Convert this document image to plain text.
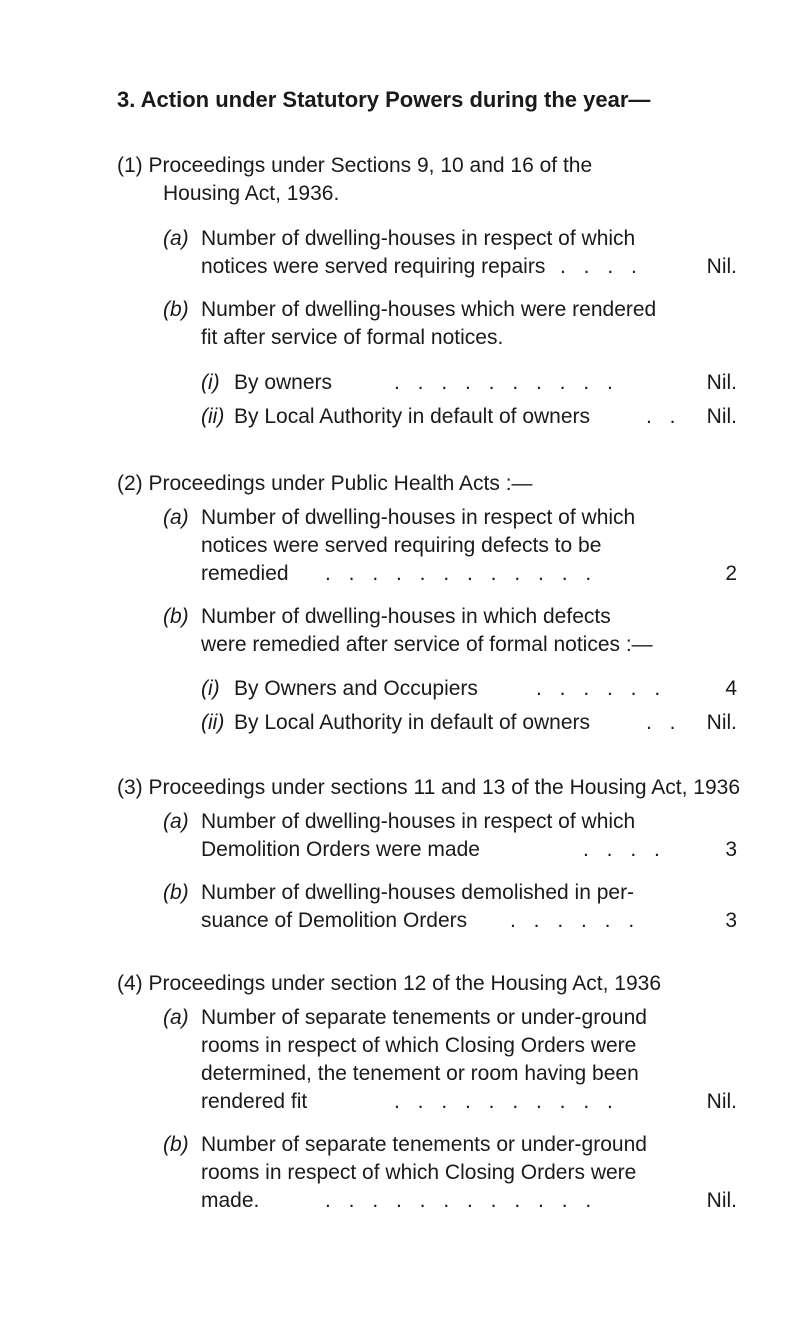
3. Action under Statutory Powers during the year—
(1) Proceedings under Sections 9, 10 and 16 of the
Housing Act, 1936.
(a) Number of dwelling-houses in respect of which
notices were served requiring repairs . . . .	Nil.
(b) Number of dwelling-houses which were rendered
fit after service of formal notices.
(i) By owners	. . . . . . . . . .	Nil.
(ii) By Local Authority in default of owners	. . Nil.
(2) Proceedings under Public Health Acts :—
(a) Number of dwelling-houses in respect of which
notices were served requiring defects to be
remedied . . . . . . . . . . . .	2
(b) Number of dwelling-houses in which defects
were remedied after service of formal notices :—
(i) By Owners and Occupiers	. . . . . .	4
(ii) By Local Authority in default of owners	. . Nil.
(3) Proceedings under sections 11 and 13 of the Housing Act, 1936
(a) Number of dwelling-houses in respect of which
Demolition Orders were made	. . . .	3
(b) Number of dwelling-houses demolished in per-
suance of Demolition Orders . . . . . .	3
(4) Proceedings under section 12 of the Housing Act, 1936
(a) Number of separate tenements or under-ground
rooms in respect of which Closing Orders were
determined, the tenement or room having been
rendered fit	. . . . . . . . . .	Nil.
(b) Number of separate tenements or under-ground
rooms in respect of which Closing Orders were
made.	. . . . . . . . . . . .	Nil.
